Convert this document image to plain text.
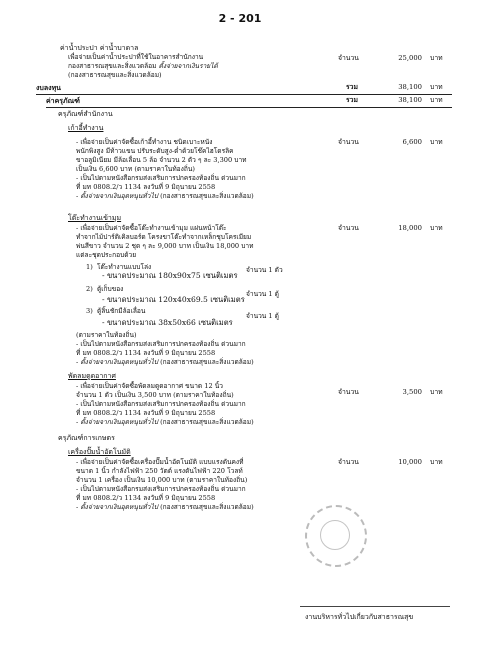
2 - 201
ค่าน้ำประปา ค่าน้ำบาดาล
เพื่อจ่ายเป็นค่าน้ำประปาที่ใช้ในอาคารสำนักงาน
กองสาธารณสุขและสิ่งแวดล้อม ตั้งจ่ายจากเงินรายได้
(กองสาธารณสุขและสิ่งแวดล้อม)
จำนวน	25,000 บาท
งบลงทุน	รวม	38,100 บาท
ค่าครุภัณฑ์	รวม	38,100 บาท
ครุภัณฑ์สำนักงาน
เก้าอี้ทำงาน
- เพื่อจ่ายเป็นค่าจัดซื้อเก้าอี้ทำงาน ชนิดเบาะหนัง
พนักพิงสูง มีท้าวแขน ปรับระดับสูง-ต่ำด้วยโช๊คไฮโดรลิค
ขาอลูมิเนียม มีล้อเลื่อน 5 ล้อ จำนวน 2 ตัว ๆ ละ 3,300 บาท
เป็นเงิน 6,600 บาท (ตามราคาในท้องถิ่น)
- เป็นไปตามหนังสือกรมส่งเสริมการปกครองท้องถิ่น ด่วนมาก
ที่ มท 0808.2/ว 1134 ลงวันที่ 9 มิถุนายน 2558
- ตั้งจ่ายจากเงินอุดหนุนทั่วไป (กองสาธารณสุขและสิ่งแวดล้อม)
จำนวน	6,600 บาท
โต๊ะทำงานเข้ามุม
- เพื่อจ่ายเป็นค่าจัดซื้อโต๊ะทำงานเข้ามุม แผ่นหน้าโต๊ะ
ทำจากไม้ปาร์ติเคิลบอร์ด โครงขาโต๊ะทำจากเหล็กชุบโครเมียม
พ่นสีขาว จำนวน 2 ชุด ๆ ละ 9,000 บาท เป็นเงิน 18,000 บาท
แต่ละชุดประกอบด้วย
1) โต๊ะทำงานแบบโล่ง	จำนวน 1 ตัว
- ขนาดประมาณ 180x90x75 เซนติเมตร
2) ตู้เก็บของ
จำนวน 1 ตู้
- ขนาดประมาณ 120x40x69.5 เซนติเมตร
3) ตู้ลิ้นชักมีล้อเลื่อน
จำนวน 1 ตู้
- ขนาดประมาณ 38x50x66 เซนติเมตร
(ตามราคาในท้องถิ่น)
- เป็นไปตามหนังสือกรมส่งเสริมการปกครองท้องถิ่น ด่วนมาก
ที่ มท 0808.2/ว 1134 ลงวันที่ 9 มิถุนายน 2558
- ตั้งจ่ายจากเงินอุดหนุนทั่วไป (กองสาธารณสุขและสิ่งแวดล้อม)
จำนวน	18,000 บาท
พัดลมดูดอากาศ
- เพื่อจ่ายเป็นค่าจัดซื้อพัดลมดูดอากาศ ขนาด 12 นิ้ว
จำนวน 1 ตัว เป็นเงิน 3,500 บาท (ตามราคาในท้องถิ่น)
- เป็นไปตามหนังสือกรมส่งเสริมการปกครองท้องถิ่น ด่วนมาก
ที่ มท 0808.2/ว 1134 ลงวันที่ 9 มิถุนายน 2558
- ตั้งจ่ายจากเงินอุดหนุนทั่วไป (กองสาธารณสุขและสิ่งแวดล้อม)
จำนวน	3,500 บาท
ครุภัณฑ์การเกษตร
เครื่องปั๊มน้ำอัตโนมัติ
- เพื่อจ่ายเป็นค่าจัดซื้อเครื่องปั๊มน้ำอัตโนมัติ แบบแรงดันคงที่
ขนาด 1 นิ้ว กำลังไฟฟ้า 250 วัตต์ แรงดันไฟฟ้า 220 โวลท์
จำนวน 1 เครื่อง เป็นเงิน 10,000 บาท (ตามราคาในท้องถิ่น)
- เป็นไปตามหนังสือกรมส่งเสริมการปกครองท้องถิ่น ด่วนมาก
ที่ มท 0808.2/ว 1134 ลงวันที่ 9 มิถุนายน 2558
- ตั้งจ่ายจากเงินอุดหนุนทั่วไป (กองสาธารณสุขและสิ่งแวดล้อม)
จำนวน	10,000 บาท
งานบริหารทั่วไปเกี่ยวกับสาธารณสุข
